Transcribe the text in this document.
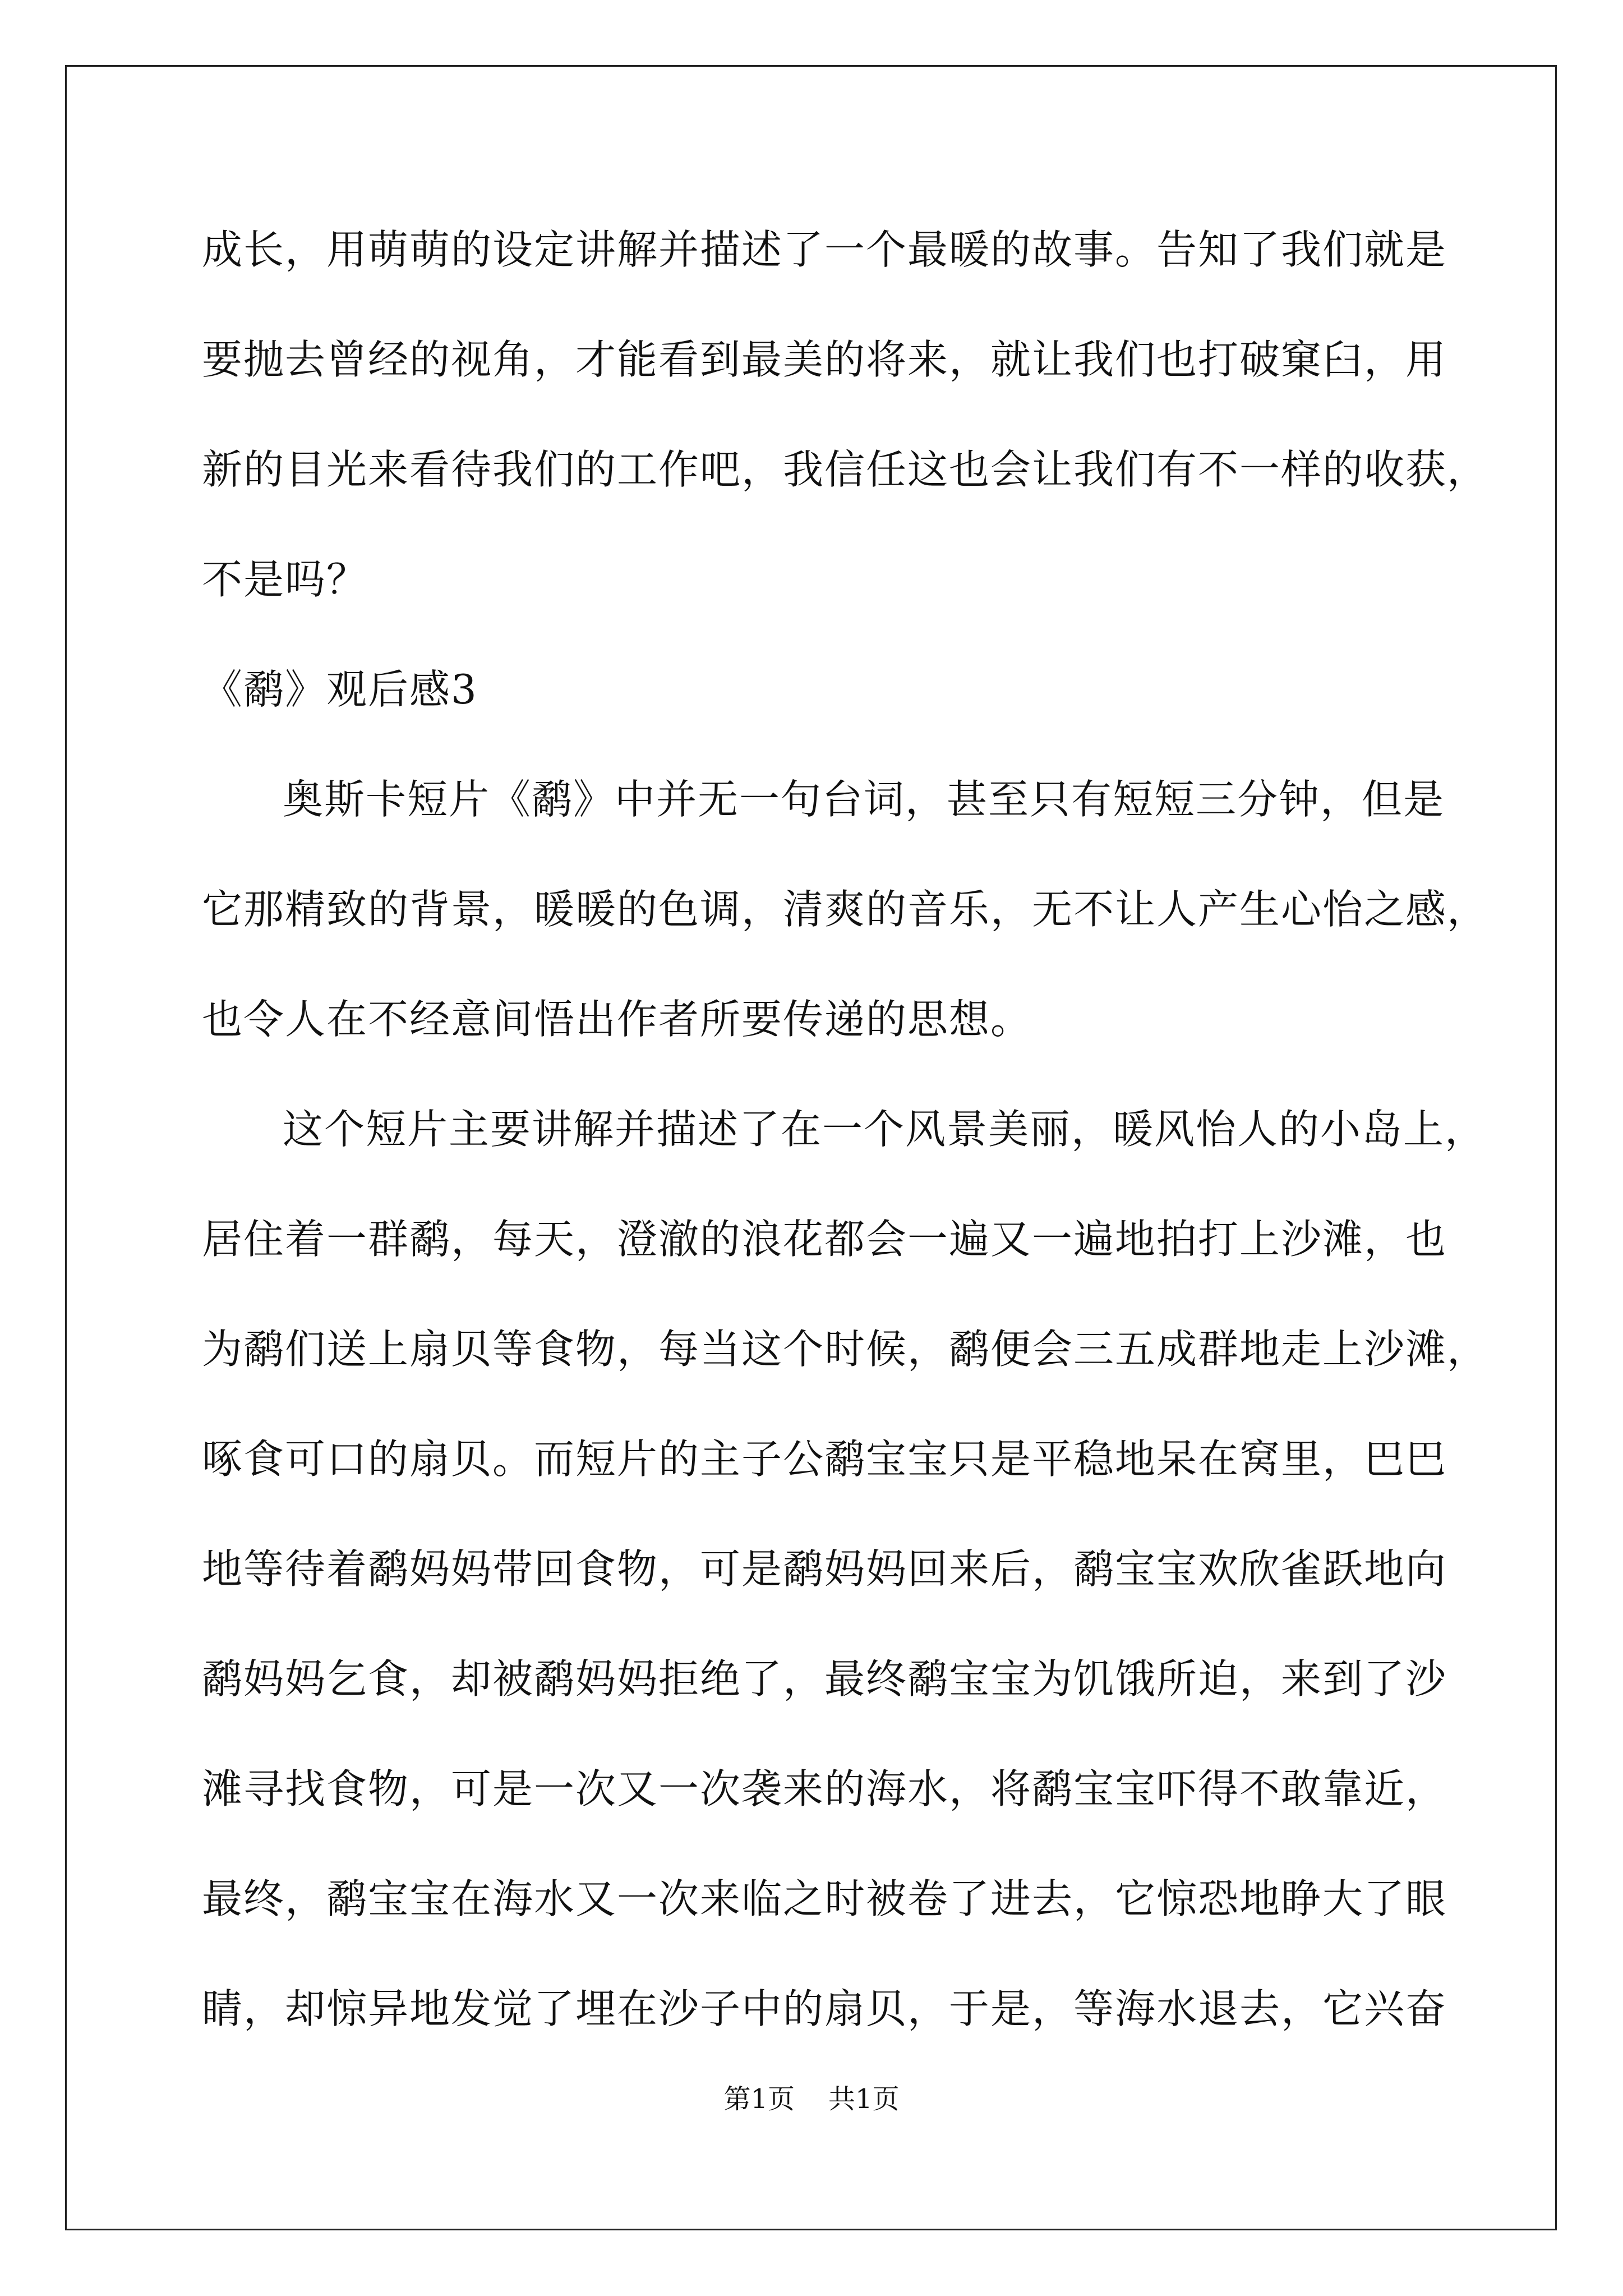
成长，用萌萌的设定讲解并描述了一个最暖的故事。告知了我们就是
要抛去曾经的视角，才能看到最美的将来，就让我们也打破窠臼，用
新的目光来看待我们的工作吧，我信任这也会让我们有不一样的收获，
不是吗？
《鹬》观后感3
奥斯卡短片《鹬》中并无一句台词，甚至只有短短三分钟，但是
它那精致的背景，暖暖的色调，清爽的音乐，无不让人产生心怡之感，
也令人在不经意间悟出作者所要传递的思想。
这个短片主要讲解并描述了在一个风景美丽，暖风怡人的小岛上，
居住着一群鹬，每天，澄澈的浪花都会一遍又一遍地拍打上沙滩，也
为鹬们送上扇贝等食物，每当这个时候，鹬便会三五成群地走上沙滩，
啄食可口的扇贝。而短片的主子公鹬宝宝只是平稳地呆在窝里，巴巴
地等待着鹬妈妈带回食物，可是鹬妈妈回来后，鹬宝宝欢欣雀跃地向
鹬妈妈乞食，却被鹬妈妈拒绝了，最终鹬宝宝为饥饿所迫，来到了沙
滩寻找食物，可是一次又一次袭来的海水，将鹬宝宝吓得不敢靠近，
最终，鹬宝宝在海水又一次来临之时被卷了进去，它惊恐地睁大了眼
睛，却惊异地发觉了埋在沙子中的扇贝，于是，等海水退去，它兴奋
第1页 共1页
